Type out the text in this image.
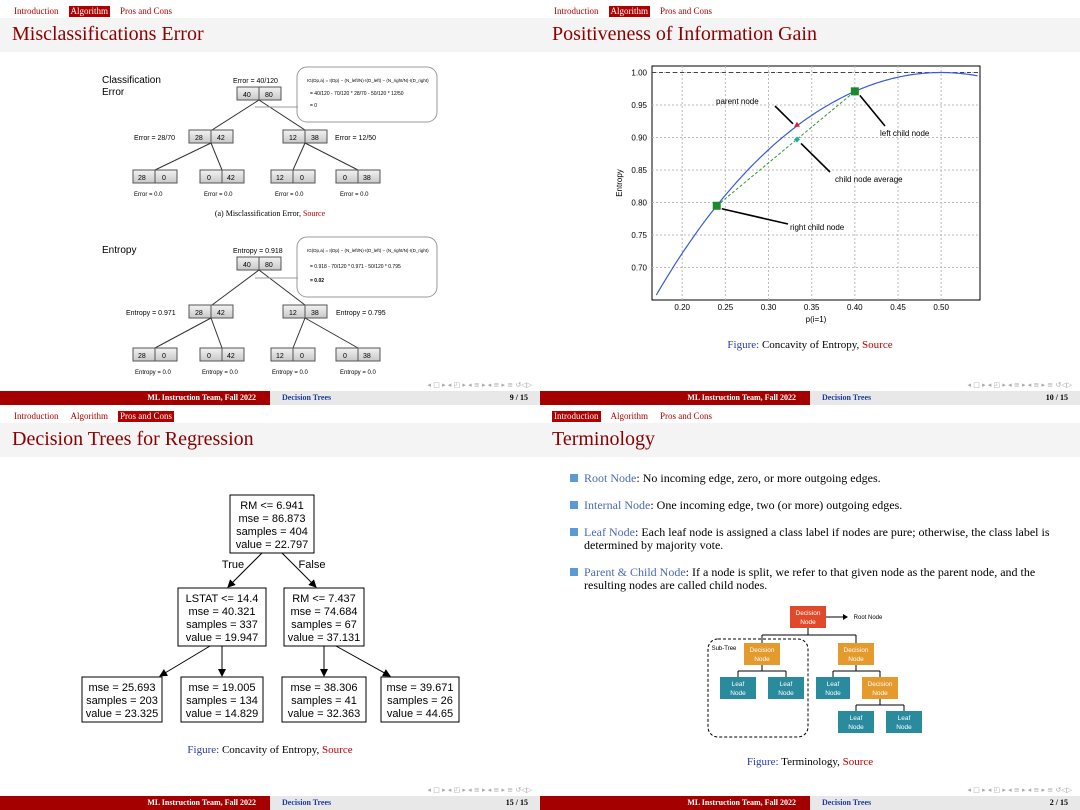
Introduction Algorithm Pros and Cons
Misclassifications Error
Classification
Error
Error = 40/120
40 80
IG(Dp,a) = I(Dp) − (N_left/N)·I(D_left) − (N_right/N)·I(D_right)
= 40/120 - 70/120 * 28/70 - 50/120 * 12/50
= 0
Error = 28/70	Error = 12/50
28 42	12 38
28 0	0 42	12 0	0 38
Error = 0.0	Error = 0.0	Error = 0.0	Error = 0.0
Entropy	Entropy = 0.918
40 80
IG(Dp,a) = I(Dp) − (N_left/N)·I(D_left) − (N_right/N)·I(D_right)
= 0.918 - 70/120 * 0.971 - 50/120 * 0.795
= 0.02
Entropy = 0.971	Entropy = 0.795
28 42	12 38
28 0	0 42	12 0	0 38
Entropy = 0.0	Entropy = 0.0	Entropy = 0.0	Entropy = 0.0
(a) Misclassification Error, Source
◂ □ ▸ ◂ ◰ ▸ ◂ ≡ ▸ ◂ ≡ ▸ ≡ ↺◁▷
ML Instruction Team, Fall 2022	Decision Trees	9 / 15
Introduction Algorithm Pros and Cons
Positiveness of Information Gain
0.20	0.25	0.30	0.35	0.40	0.45	0.50
0.70
0.75
0.80
0.85
0.90
0.95
1.00
p(i=1)
Entropy
parent node
left child node
child node average
right child node
Figure: Concavity of Entropy, Source
◂ □ ▸ ◂ ◰ ▸ ◂ ≡ ▸ ◂ ≡ ▸ ≡ ↺◁▷
ML Instruction Team, Fall 2022	Decision Trees	10 / 15
Introduction Algorithm Pros and Cons
Decision Trees for Regression
RM <= 6.941
mse = 86.873
samples = 404
value = 22.797
True	False
LSTAT <= 14.4
mse = 40.321
samples = 337
value = 19.947
RM <= 7.437
mse = 74.684
samples = 67
value = 37.131
mse = 25.693
samples = 203
value = 23.325
mse = 19.005
samples = 134
value = 14.829
mse = 38.306
samples = 41
value = 32.363
mse = 39.671
samples = 26
value = 44.65
Figure: Concavity of Entropy, Source
◂ □ ▸ ◂ ◰ ▸ ◂ ≡ ▸ ◂ ≡ ▸ ≡ ↺◁▷
ML Instruction Team, Fall 2022	Decision Trees	15 / 15
Introduction Algorithm Pros and Cons
Terminology
Root Node: No incoming edge, zero, or more outgoing edges.
Internal Node: One incoming edge, two (or more) outgoing edges.
Leaf Node: Each leaf node is assigned a class label if nodes are pure; otherwise, the class label is determined by majority vote.
Parent & Child Node: If a node is split, we refer to that given node as the parent node, and the resulting nodes are called child nodes.
Decision
Node
Root Node
Sub-Tree Decision
Node
Decision
Node
Leaf
Node
Leaf
Node
Leaf
Node
Decision
Node
Leaf
Node
Leaf
Node
Figure: Terminology, Source
◂ □ ▸ ◂ ◰ ▸ ◂ ≡ ▸ ◂ ≡ ▸ ≡ ↺◁▷
ML Instruction Team, Fall 2022	Decision Trees	2 / 15
